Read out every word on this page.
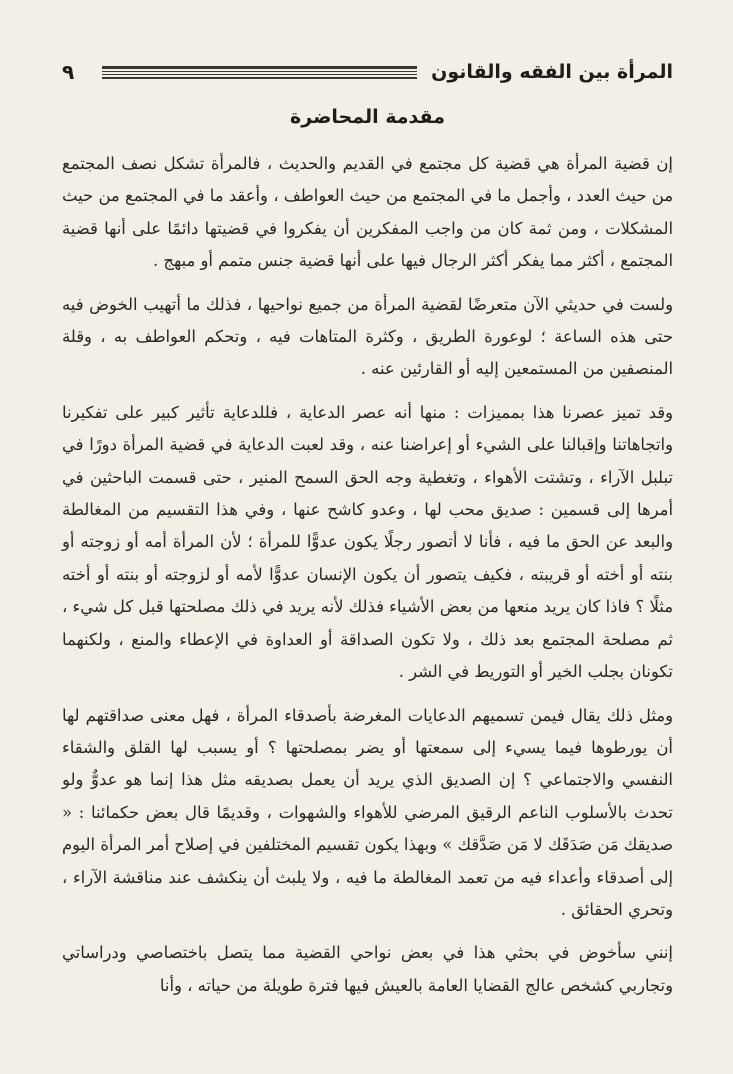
المرأة بين الفقه والقانون
٩
مقدمة المحاضرة

إن قضية المرأة هي قضية كل مجتمع في القديم والحديث ، فالمرأة تشكل نصف المجتمع من حيث العدد ، وأجمل ما في المجتمع من حيث العواطف ، وأعقد ما في المجتمع من حيث المشكلات ، ومن ثمة كان من واجب المفكرين أن يفكروا في قضيتها دائمًا على أنها قضية المجتمع ، أكثر مما يفكر أكثر الرجال فيها على أنها قضية جنس متمم أو مبهج .

ولست في حديثي الآن متعرضًا لقضية المرأة من جميع نواحيها ، فذلك ما أتهيب الخوض فيه حتى هذه الساعة ؛ لوعورة الطريق ، وكثرة المتاهات فيه ، وتحكم العواطف به ، وقلة المنصفين من المستمعين إليه أو القارئين عنه .

وقد تميز عصرنا هذا بمميزات : منها أنه عصر الدعاية ، فللدعاية تأثير كبير على تفكيرنا واتجاهاتنا وإقبالنا على الشيء أو إعراضنا عنه ، وقد لعبت الدعاية في قضية المرأة دورًا في تبلبل الآراء ، وتشتت الأهواء ، وتغطية وجه الحق السمح المنير ، حتى قسمت الباحثين في أمرها إلى قسمين : صديق محب لها ، وعدو كاشح عنها ، وفي هذا التقسيم من المغالطة والبعد عن الحق ما فيه ، فأنا لا أتصور رجلًا يكون عدوًّا للمرأة ؛ لأن المرأة أمه أو زوجته أو بنته أو أخته أو قريبته ، فكيف يتصور أن يكون الإنسان عدوًّا لأمه أو لزوجته أو بنته أو أخته مثلًا ؟ فاذا كان يريد منعها من بعض الأشياء فذلك لأنه يريد في ذلك مصلحتها قبل كل شيء ، ثم مصلحة المجتمع بعد ذلك ، ولا تكون الصداقة أو العداوة في الإعطاء والمنع ، ولكنهما تكونان بجلب الخير أو التوريط في الشر .

ومثل ذلك يقال فيمن تسميهم الدعايات المغرضة بأصدقاء المرأة ، فهل معنى صداقتهم لها أن يورطوها فيما يسيء إلى سمعتها أو يضر بمصلحتها ؟ أو يسبب لها القلق والشقاء النفسي والاجتماعي ؟ إن الصديق الذي يريد أن يعمل بصديقه مثل هذا إنما هو عدوٌّ ولو تحدث بالأسلوب الناعم الرقيق المرضي للأهواء والشهوات ، وقديمًا قال بعض حكمائنا : « صديقك مَن صَدَقَك لا مَن صَدَّقك » وبهذا يكون تقسيم المختلفين في إصلاح أمر المرأة اليوم إلى أصدقاء وأعداء فيه من تعمد المغالطة ما فيه ، ولا يلبث أن ينكشف عند مناقشة الآراء ، وتحري الحقائق .

إنني سأخوض في بحثي هذا في بعض نواحي القضية مما يتصل باختصاصي ودراساتي وتجاربي كشخص عالج القضايا العامة بالعيش فيها فترة طويلة من حياته ، وأنا
